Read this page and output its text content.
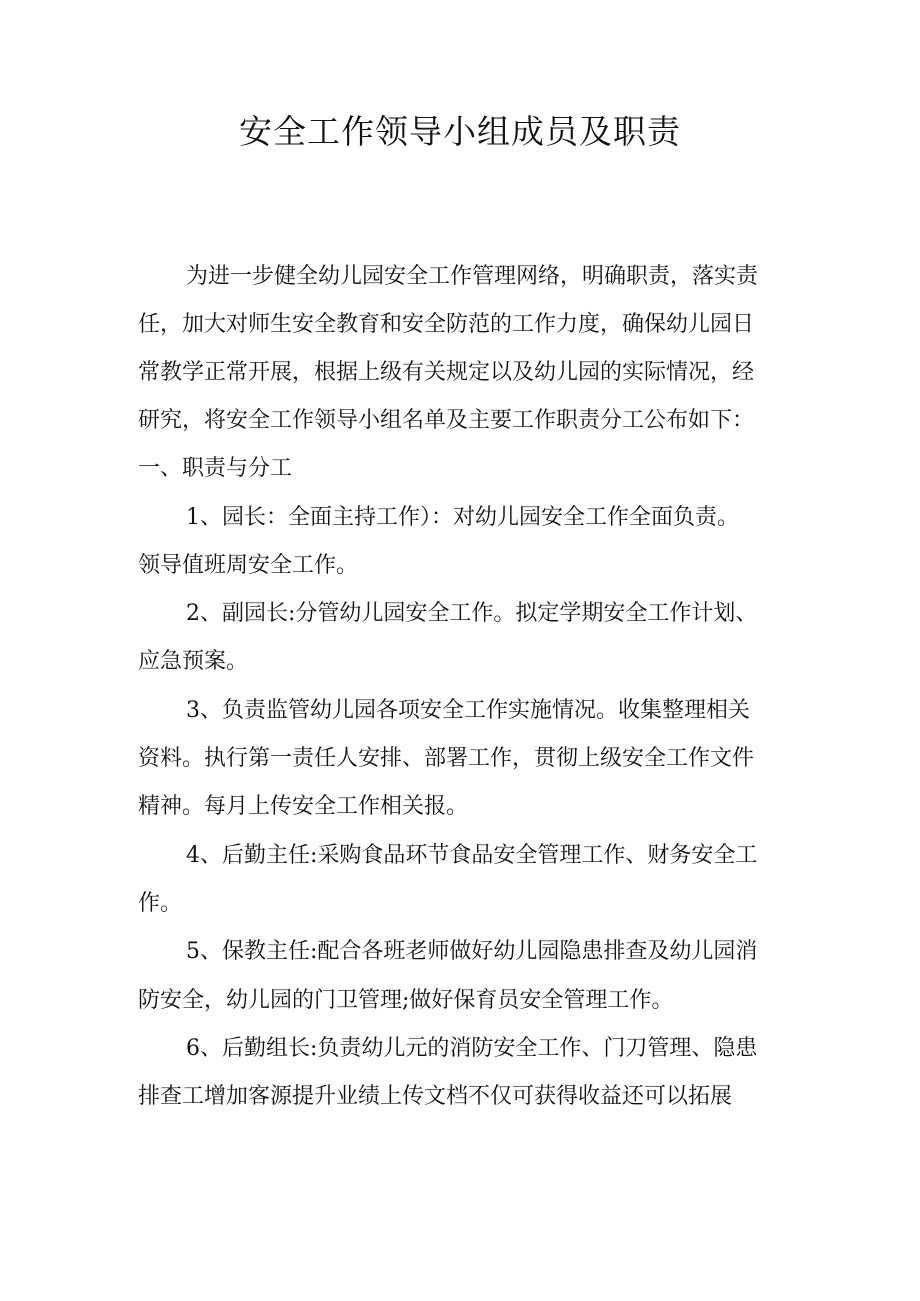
安全工作领导小组成员及职责

为进一步健全幼儿园安全工作管理网络，明确职责，落实责

任，加大对师生安全教育和安全防范的工作力度，确保幼儿园日

常教学正常开展，根据上级有关规定以及幼儿园的实际情况，经

研究，将安全工作领导小组名单及主要工作职责分工公布如下：

一、职责与分工

1、园长：全面主持工作）：对幼儿园安全工作全面负责。

领导值班周安全工作。

2、副园长:分管幼儿园安全工作。拟定学期安全工作计划、

应急预案。

3、负责监管幼儿园各项安全工作实施情况。收集整理相关

资料。执行第一责任人安排、部署工作，贯彻上级安全工作文件

精神。每月上传安全工作相关报。

4、后勤主任:采购食品环节食品安全管理工作、财务安全工

作。

5、保教主任:配合各班老师做好幼儿园隐患排查及幼儿园消

防安全，幼儿园的门卫管理;做好保育员安全管理工作。

6、后勤组长:负责幼儿元的消防安全工作、门刀管理、隐患

排查工增加客源提升业绩上传文档不仅可获得收益还可以拓展
